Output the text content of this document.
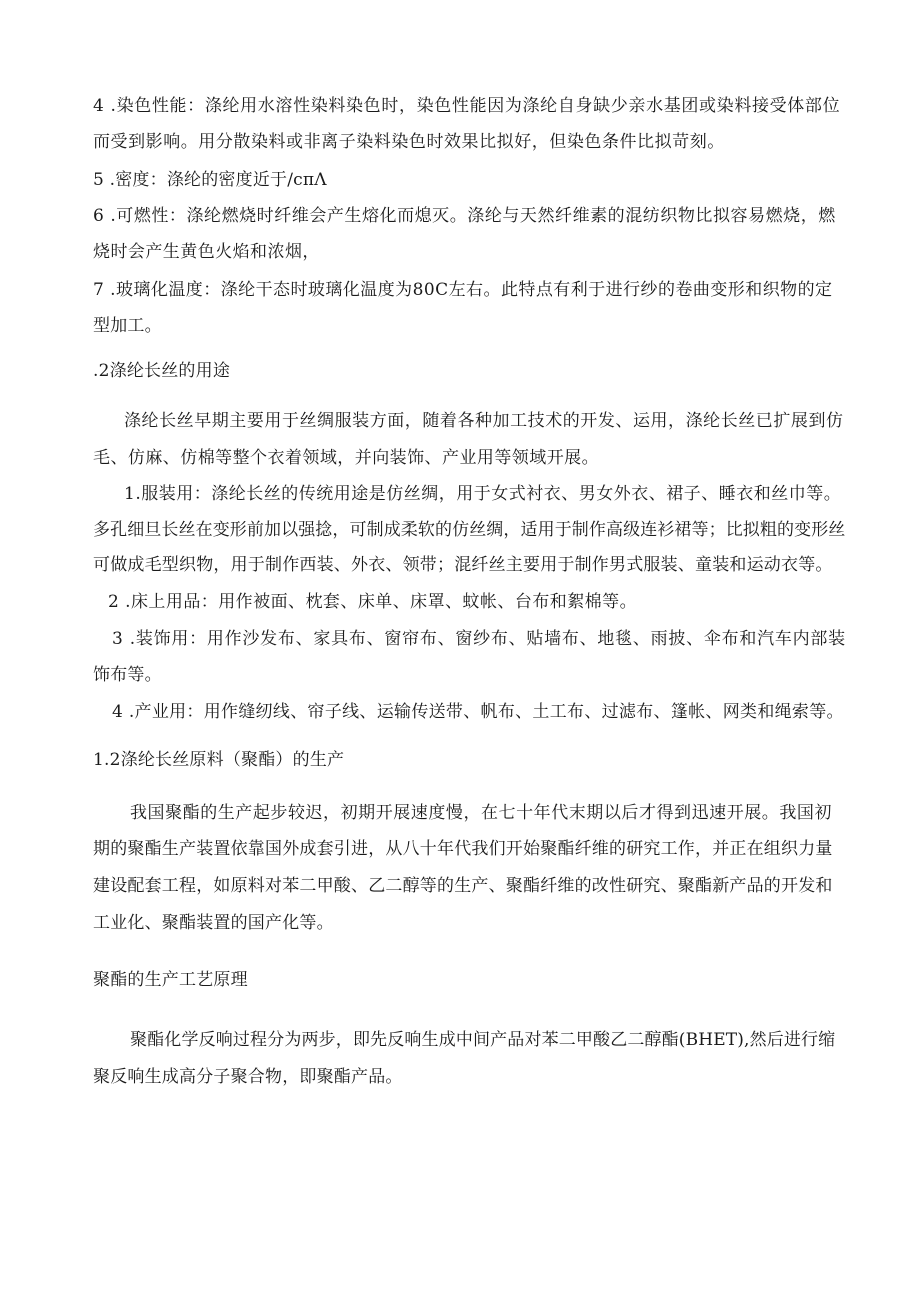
4 .染色性能：涤纶用水溶性染料染色时，染色性能因为涤纶自身缺少亲水基团或染料接受体部位

而受到影响。用分散染料或非离子染料染色时效果比拟好，但染色条件比拟苛刻。

5 .密度：涤纶的密度近于∕cπΛ

6 .可燃性：涤纶燃烧时纤维会产生熔化而熄灭。涤纶与天然纤维素的混纺织物比拟容易燃烧，燃

烧时会产生黄色火焰和浓烟，

7 .玻璃化温度：涤纶干态时玻璃化温度为80C左右。此特点有利于进行纱的卷曲变形和织物的定

型加工。

.2涤纶长丝的用途

涤纶长丝早期主要用于丝绸服装方面，随着各种加工技术的开发、运用，涤纶长丝已扩展到仿

毛、仿麻、仿棉等整个衣着领域，并向装饰、产业用等领域开展。

1.服装用：涤纶长丝的传统用途是仿丝绸，用于女式衬衣、男女外衣、裙子、睡衣和丝巾等。

多孔细旦长丝在变形前加以强捻，可制成柔软的仿丝绸，适用于制作高级连衫裙等；比拟粗的变形丝

可做成毛型织物，用于制作西装、外衣、领带；混纤丝主要用于制作男式服装、童装和运动衣等。

2 .床上用品：用作被面、枕套、床单、床罩、蚊帐、台布和絮棉等。

3 .装饰用：用作沙发布、家具布、窗帘布、窗纱布、贴墙布、地毯、雨披、伞布和汽车内部装

饰布等。

4 .产业用：用作缝纫线、帘子线、运输传送带、帆布、土工布、过滤布、篷帐、网类和绳索等。

1.2涤纶长丝原料（聚酯）的生产

我国聚酯的生产起步较迟，初期开展速度慢，在七十年代末期以后才得到迅速开展。我国初

期的聚酯生产装置依靠国外成套引进，从八十年代我们开始聚酯纤维的研究工作，并正在组织力量

建设配套工程，如原料对苯二甲酸、乙二醇等的生产、聚酯纤维的改性研究、聚酯新产品的开发和

工业化、聚酯装置的国产化等。

聚酯的生产工艺原理

聚酯化学反响过程分为两步，即先反响生成中间产品对苯二甲酸乙二醇酯(BHET),然后进行缩

聚反响生成高分子聚合物，即聚酯产品。
